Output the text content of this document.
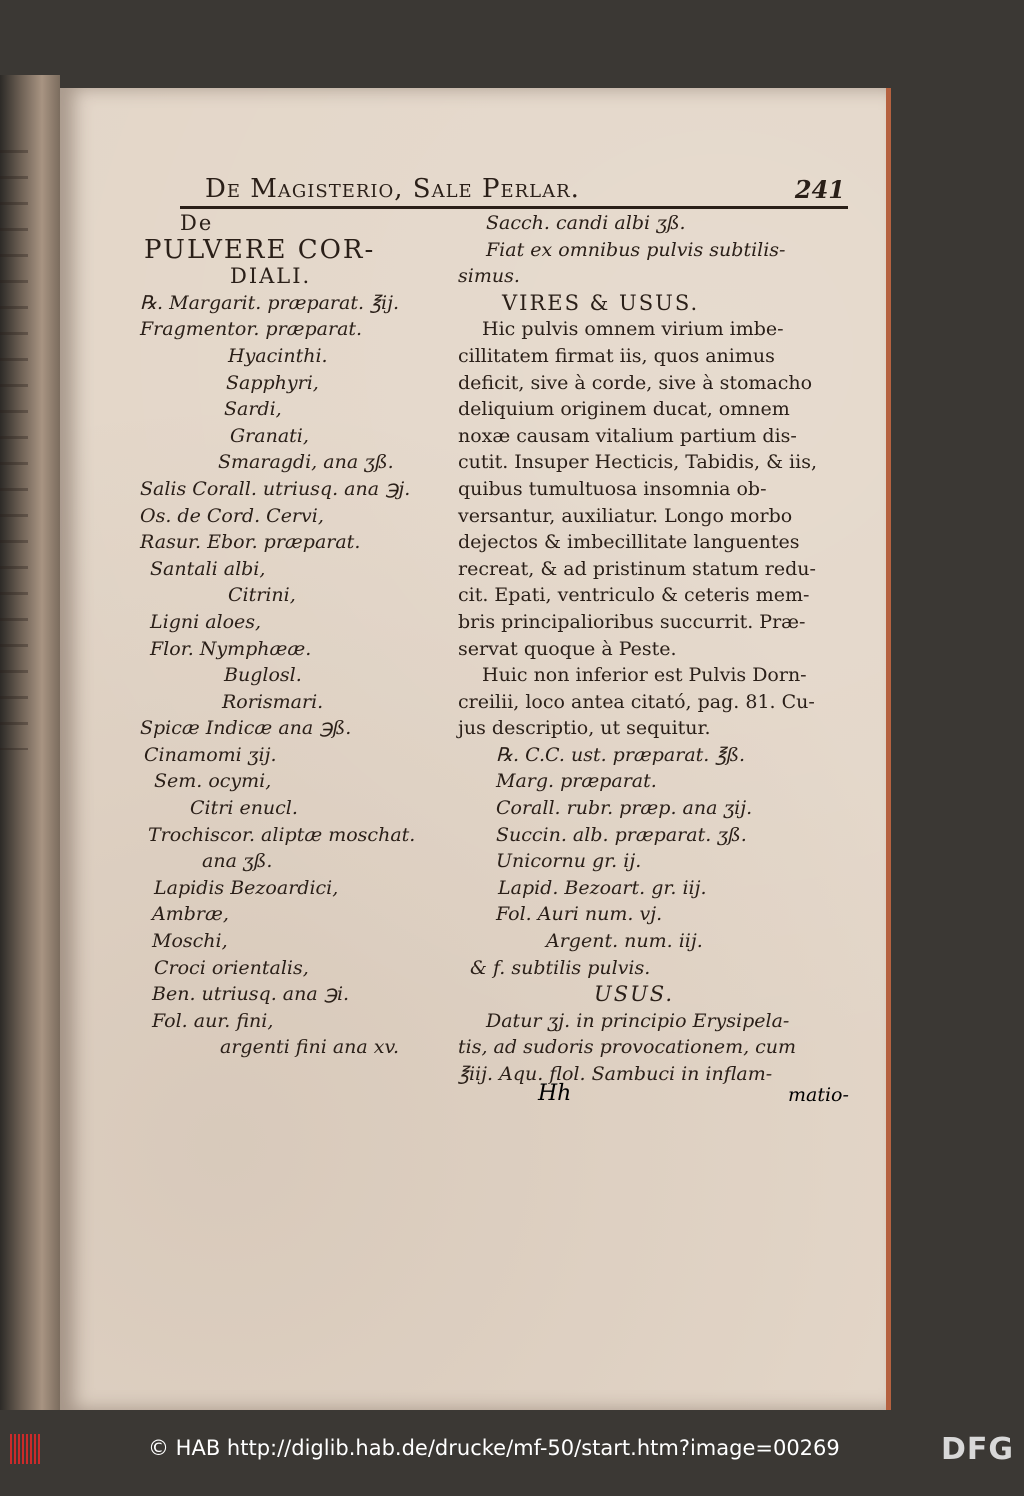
De Magisterio, Sale Perlar.	241
De
PULVERE COR-
DIALI.
℞. Margarit. præparat. ℥ij.
Fragmentor. præparat.
Hyacinthi.
Sapphyri,
Sardi,
Granati,
Smaragdi, ana ʒß.
Salis Corall. utriusq. ana ℈j.
Os. de Cord. Cervi,
Rasur. Ebor. præparat.
Santali albi,
Citrini,
Ligni aloes,
Flor. Nymphææ.
Buglosl.
Rorismari.
Spicæ Indicæ ana ℈ß.
Cinamomi ʒij.
Sem. ocymi,
Citri enucl.
Trochiscor. aliptæ moschat.
ana ʒß.
Lapidis Bezoardici,
Ambræ,
Moschi,
Croci orientalis,
Ben. utriusq. ana ℈i.
Fol. aur. fini,
argenti fini ana xv.
Sacch. candi albi ʒß.
Fiat ex omnibus pulvis subtilis-
simus.
VIRES & USUS.
Hic pulvis omnem virium imbe-
cillitatem firmat iis, quos animus
deficit, sive à corde, sive à stomacho
deliquium originem ducat, omnem
noxæ causam vitalium partium dis-
cutit. Insuper Hecticis, Tabidis, & iis,
quibus tumultuosa insomnia ob-
versantur, auxiliatur. Longo morbo
dejectos & imbecillitate languentes
recreat, & ad pristinum statum redu-
cit. Epati, ventriculo & ceteris mem-
bris principalioribus succurrit. Præ-
servat quoque à Peste.
Huic non inferior est Pulvis Dorn-
creilii, loco antea citató, pag. 81. Cu-
jus descriptio, ut sequitur.
℞. C.C. ust. præparat. ℥ß.
Marg. præparat.
Corall. rubr. præp. ana ʒij.
Succin. alb. præparat. ʒß.
Unicornu gr. ij.
Lapid. Bezoart. gr. iij.
Fol. Auri num. vj.
Argent. num. iij.
& f. subtilis pulvis.
USUS.
Datur ʒj. in principio Erysipela-
tis, ad sudoris provocationem, cum
℥iij. Aqu. flol. Sambuci in inflam-
Hh	matio-
© HAB http://diglib.hab.de/drucke/mf-50/start.htm?image=00269	DFG
